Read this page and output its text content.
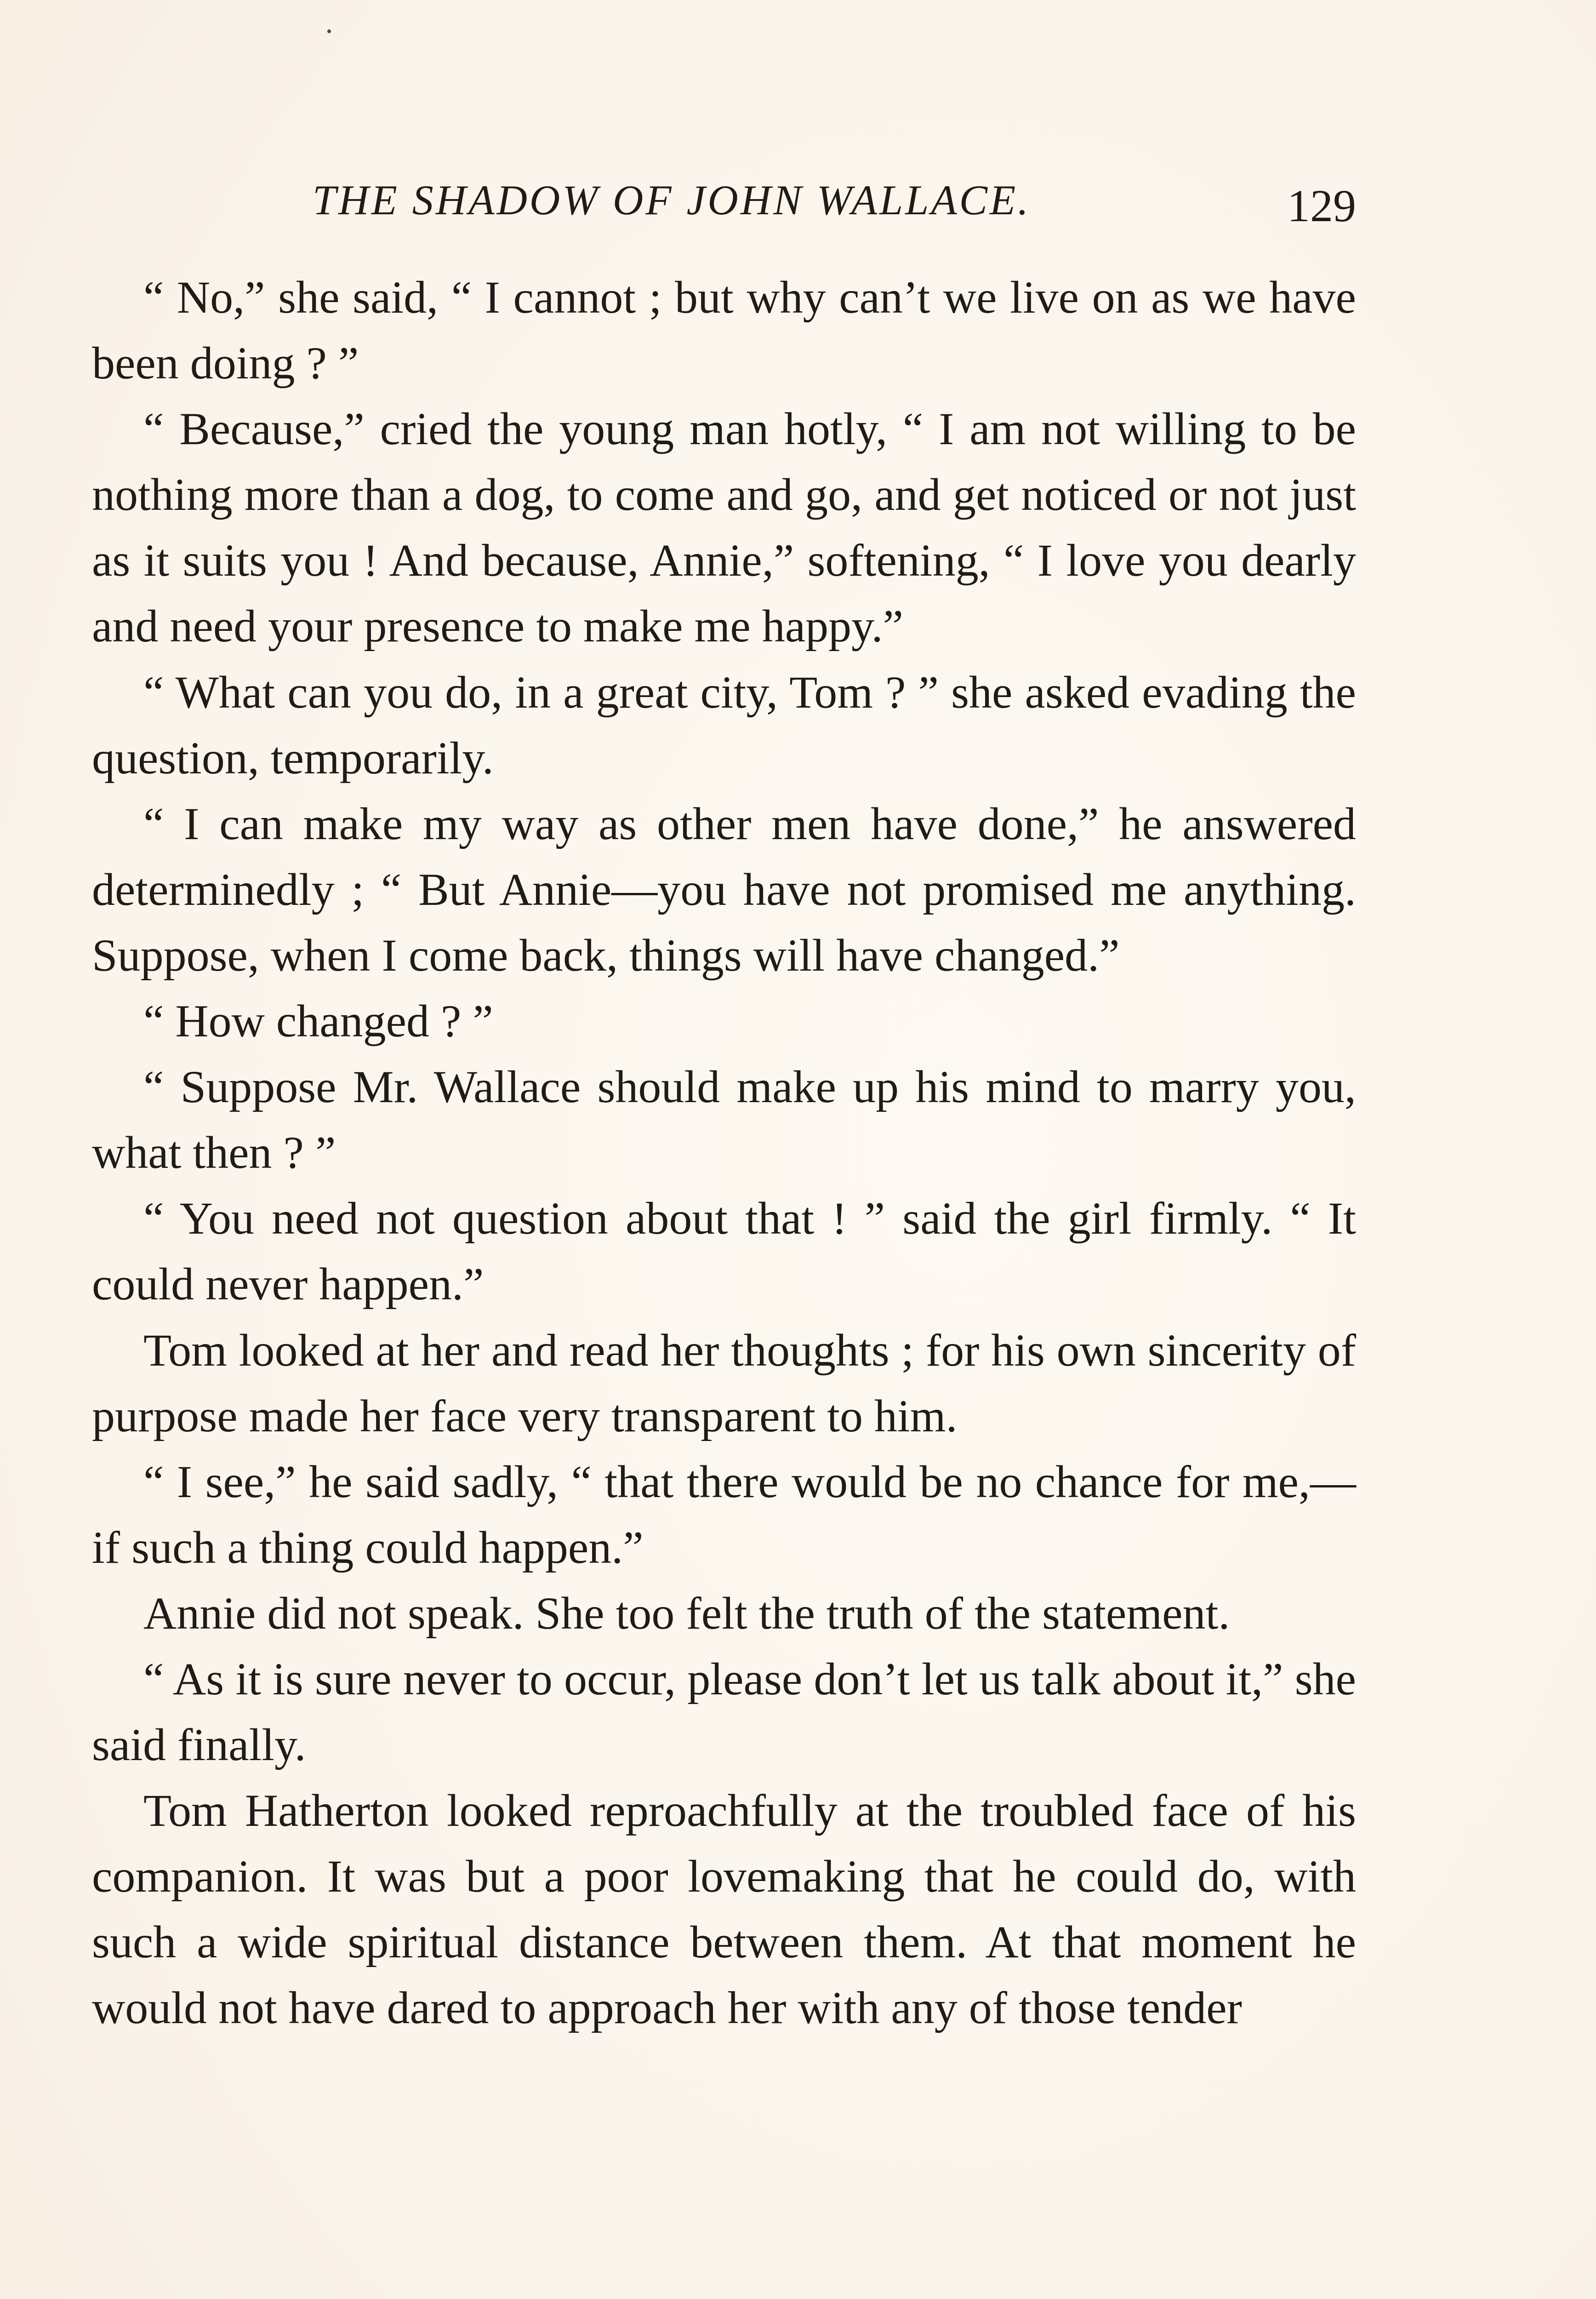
THE SHADOW OF JOHN WALLACE.	129

“ No,” she said, “ I cannot ; but why can’t we live on as we have been doing ? ”

“ Because,” cried the young man hotly, “ I am not willing to be nothing more than a dog, to come and go, and get noticed or not just as it suits you ! And because, Annie,” softening, “ I love you dearly and need your presence to make me happy.”

“ What can you do, in a great city, Tom ? ” she asked evading the question, temporarily.

“ I can make my way as other men have done,” he answered determinedly ; “ But Annie—you have not promised me anything. Suppose, when I come back, things will have changed.”

“ How changed ? ”

“ Suppose Mr. Wallace should make up his mind to marry you, what then ? ”

“ You need not question about that ! ” said the girl firmly. “ It could never happen.”

Tom looked at her and read her thoughts ; for his own sincerity of purpose made her face very transparent to him.

“ I see,” he said sadly, “ that there would be no chance for me,—if such a thing could happen.”

Annie did not speak. She too felt the truth of the statement.

“ As it is sure never to occur, please don’t let us talk about it,” she said finally.

Tom Hatherton looked reproachfully at the troubled face of his companion. It was but a poor lovemaking that he could do, with such a wide spiritual distance between them. At that moment he would not have dared to approach her with any of those tender
